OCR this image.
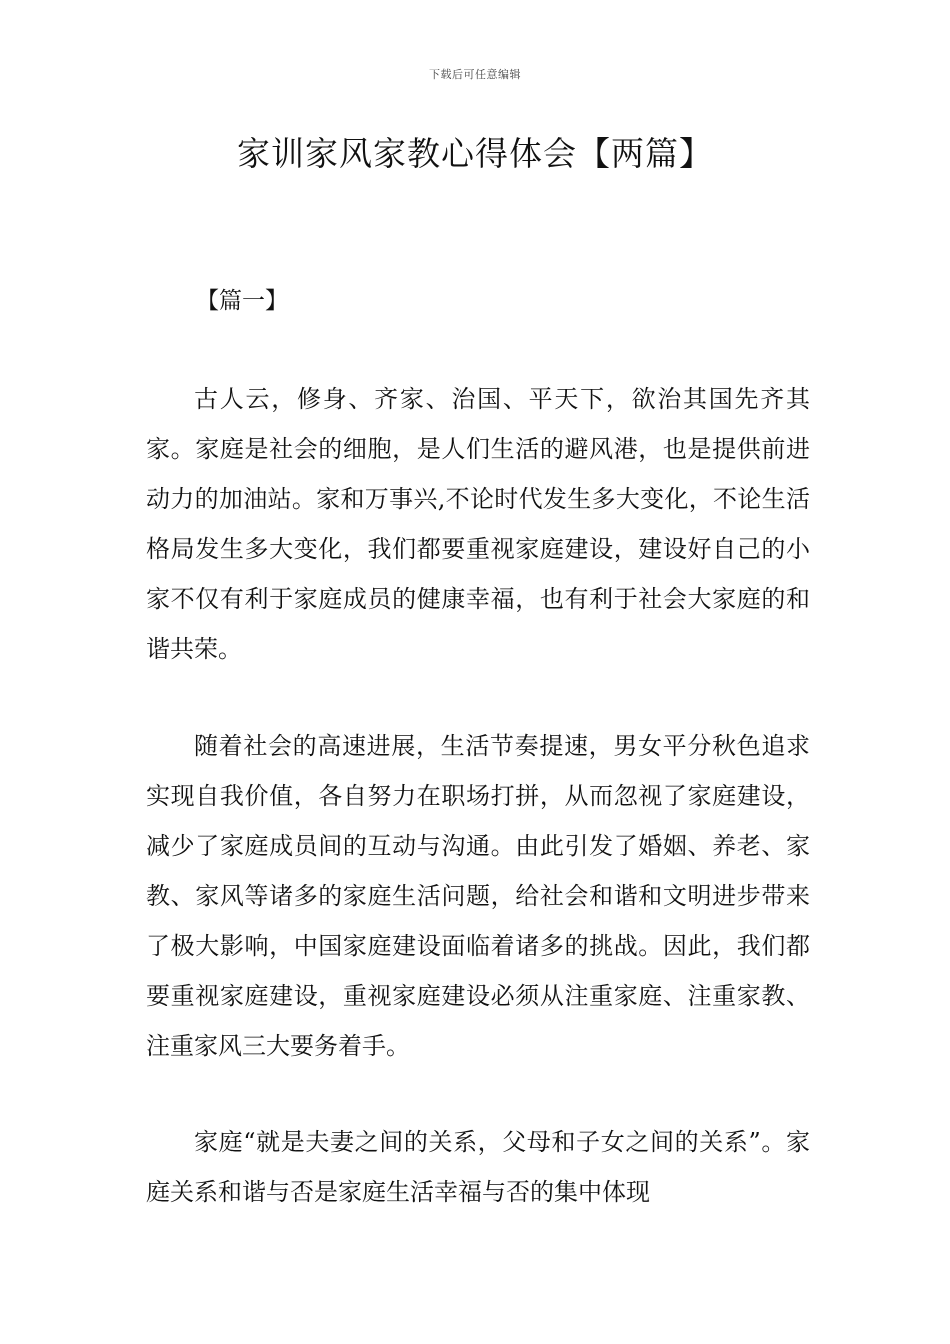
下载后可任意编辑
家训家风家教心得体会【两篇】
【篇一】

古人云，修身、齐家、治国、平天下，欲治其国先齐其家。家庭是社会的细胞，是人们生活的避风港，也是提供前进动力的加油站。家和万事兴,不论时代发生多大变化，不论生活格局发生多大变化，我们都要重视家庭建设，建设好自己的小家不仅有利于家庭成员的健康幸福，也有利于社会大家庭的和谐共荣。

随着社会的高速进展，生活节奏提速，男女平分秋色追求实现自我价值，各自努力在职场打拼，从而忽视了家庭建设，减少了家庭成员间的互动与沟通。由此引发了婚姻、养老、家教、家风等诸多的家庭生活问题，给社会和谐和文明进步带来了极大影响，中国家庭建设面临着诸多的挑战。因此，我们都要重视家庭建设，重视家庭建设必须从注重家庭、注重家教、注重家风三大要务着手。

家庭“就是夫妻之间的关系，父母和子女之间的关系”。家庭关系和谐与否是家庭生活幸福与否的集中体现
